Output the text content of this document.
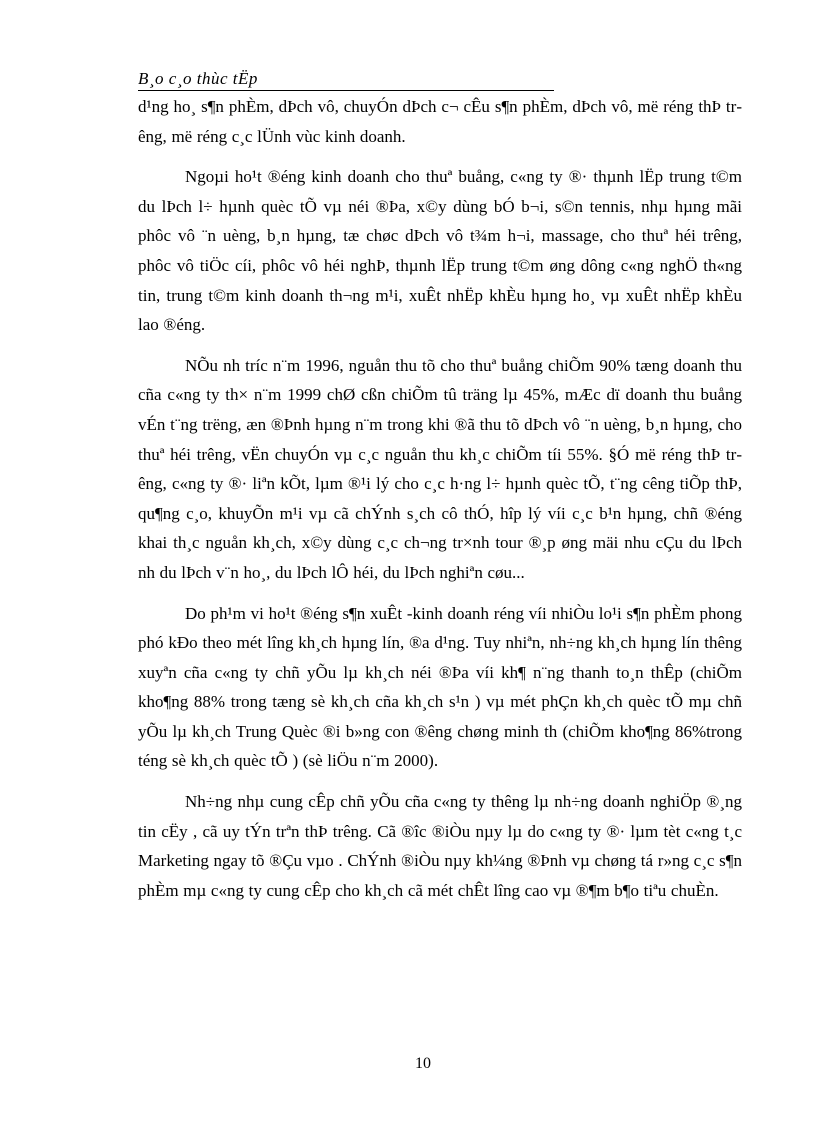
B¸o c¸o thùc tËp

d¹ng ho¸ s¶n phÈm, dÞch vô, chuyÓn dÞch c¬ cÊu s¶n phÈm, dÞch vô, më réng thÞ trêng, më réng c¸c lÜnh vùc kinh doanh.

Ngoµi ho¹t ®éng kinh doanh cho thuª buång, c«ng ty ®· thµnh lËp trung t©m du lÞch l÷ hµnh quèc tÕ vµ néi ®Þa, x©y dùng bÓ b¬i, s©n tennis, nhµ hµng mãi phôc vô ¨n uèng, b¸n hµng, tæ chøc dÞch vô t¾m h¬i, massage, cho thuª héi trêng, phôc vô tiÖc cíi, phôc vô héi nghÞ, thµnh lËp trung t©m øng dông c«ng nghÖ th«ng tin, trung t©m kinh doanh th¬ng m¹i, xuÊt nhËp khÈu hµng ho¸ vµ xuÊt nhËp khÈu lao ®éng.

NÕu nh tríc n¨m 1996, nguån thu tõ cho thuª buång chiÕm 90% tæng doanh thu cña c«ng ty th× n¨m 1999 chØ cßn chiÕm tû träng lµ 45%, mÆc dï doanh thu buång vÉn t¨ng trëng, æn ®Þnh hµng n¨m trong khi ®ã thu tõ dÞch vô ¨n uèng, b¸n hµng, cho thuª héi trêng, vËn chuyÓn vµ c¸c nguån thu kh¸c chiÕm tíi 55%. §Ó më réng thÞ trêng, c«ng ty ®· liªn kÕt, lµm ®¹i lý cho c¸c h·ng l÷ hµnh quèc tÕ, t¨ng cêng tiÕp thÞ, qu¶ng c¸o, khuyÕn m¹i vµ cã chÝnh s¸ch cô thÓ, hîp lý víi c¸c b¹n hµng, chñ ®éng khai th¸c nguån kh¸ch, x©y dùng c¸c ch¬ng tr×nh tour ®¸p øng mäi nhu cÇu du lÞch nh du lÞch v¨n ho¸, du lÞch lÔ héi, du lÞch nghiªn cøu...

Do ph¹m vi ho¹t ®éng s¶n xuÊt -kinh doanh réng víi nhiÒu lo¹i s¶n phÈm phong phó kÐo theo mét lîng kh¸ch hµng lín, ®a d¹ng. Tuy nhiªn, nh÷ng kh¸ch hµng lín thêng xuyªn cña c«ng ty chñ yÕu lµ kh¸ch néi ®Þa víi kh¶ n¨ng thanh to¸n thÊp (chiÕm kho¶ng 88% trong tæng sè kh¸ch cña kh¸ch s¹n ) vµ mét phÇn kh¸ch quèc tÕ mµ chñ yÕu lµ kh¸ch Trung Quèc ®i b»ng con ®êng chøng minh th (chiÕm kho¶ng 86%trong téng sè kh¸ch quèc tÕ ) (sè liÖu n¨m 2000).

Nh÷ng nhµ cung cÊp chñ yÕu cña c«ng ty thêng lµ nh÷ng doanh nghiÖp ®¸ng tin cËy , cã uy tÝn trªn thÞ trêng. Cã ®îc ®iÒu nµy lµ do c«ng ty ®· lµm tèt c«ng t¸c Marketing ngay tõ ®Çu vµo . ChÝnh ®iÒu nµy kh¼ng ®Þnh vµ chøng tá r»ng c¸c s¶n phÈm mµ c«ng ty cung cÊp cho kh¸ch cã mét chÊt lîng cao vµ ®¶m b¶o tiªu chuÈn.

10
